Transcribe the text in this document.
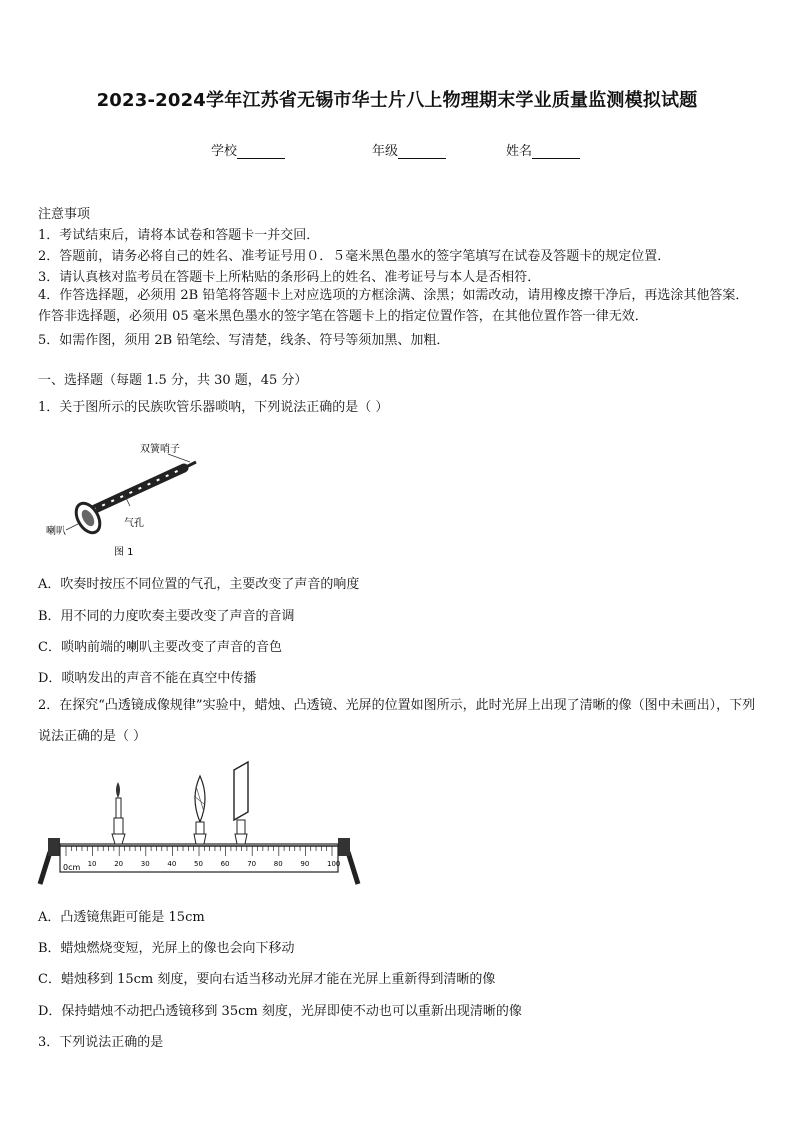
2023-2024学年江苏省无锡市华士片八上物理期末学业质量监测模拟试题
学校	年级	姓名
注意事项
1．考试结束后，请将本试卷和答题卡一并交回．
2．答题前，请务必将自己的姓名、准考证号用０．５毫米黑色墨水的签字笔填写在试卷及答题卡的规定位置．
3．请认真核对监考员在答题卡上所粘贴的条形码上的姓名、准考证号与本人是否相符．
4．作答选择题，必须用 2B 铅笔将答题卡上对应选项的方框涂满、涂黑；如需改动，请用橡皮擦干净后，再选涂其他答案．作答非选择题，必须用 05 毫米黑色墨水的签字笔在答题卡上的指定位置作答，在其他位置作答一律无效．
5．如需作图，须用 2B 铅笔绘、写清楚，线条、符号等须加黑、加粗．
一、选择题（每题 1.5 分，共 30 题，45 分）
1．关于图所示的民族吹管乐器唢呐，下列说法正确的是（ ）
双簧哨子
气孔
喇叭
图 1
A．吹奏时按压不同位置的气孔，主要改变了声音的响度
B．用不同的力度吹奏主要改变了声音的音调
C．唢呐前端的喇叭主要改变了声音的音色
D．唢呐发出的声音不能在真空中传播
2．在探究“凸透镜成像规律”实验中，蜡烛、凸透镜、光屏的位置如图所示，此时光屏上出现了清晰的像（图中未画出），下列说法正确的是（ ）
0cm 10	20	30	40	50	60	70	80	90	100
A．凸透镜焦距可能是 15cm
B．蜡烛燃烧变短，光屏上的像也会向下移动
C．蜡烛移到 15cm 刻度，要向右适当移动光屏才能在光屏上重新得到清晰的像
D．保持蜡烛不动把凸透镜移到 35cm 刻度，光屏即使不动也可以重新出现清晰的像
3．下列说法正确的是
